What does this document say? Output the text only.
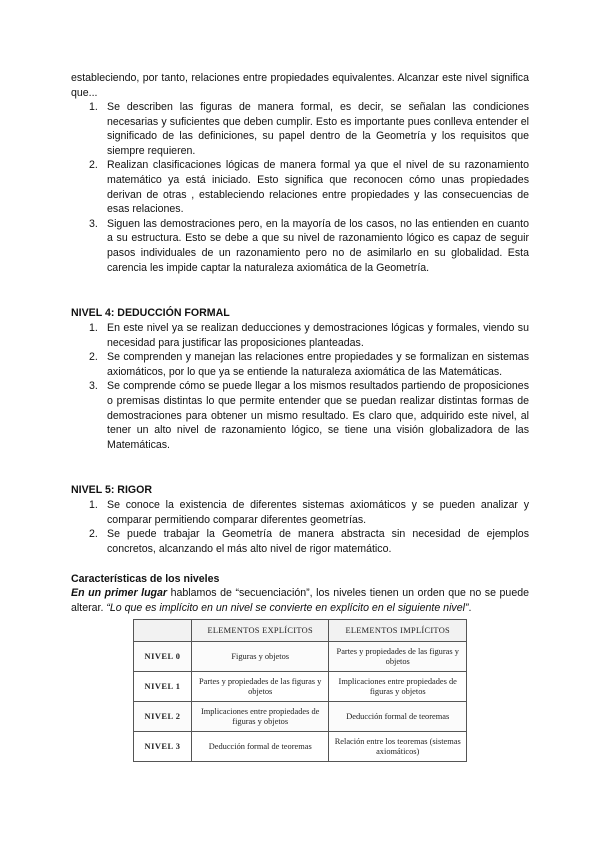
estableciendo, por tanto, relaciones entre propiedades equivalentes. Alcanzar este nivel significa que...

1. Se describen las figuras de manera formal, es decir, se señalan las condiciones necesarias y suficientes que deben cumplir. Esto es importante pues conlleva entender el significado de las definiciones, su papel dentro de la Geometría y los requisitos que siempre requieren.
2. Realizan clasificaciones lógicas de manera formal ya que el nivel de su razonamiento matemático ya está iniciado. Esto significa que reconocen cómo unas propiedades derivan de otras , estableciendo relaciones entre propiedades y las consecuencias de esas relaciones.
3. Siguen las demostraciones pero, en la mayoría de los casos, no las entienden en cuanto a su estructura. Esto se debe a que su nivel de razonamiento lógico es capaz de seguir pasos individuales de un razonamiento pero no de asimilarlo en su globalidad. Esta carencia les impide captar la naturaleza axiomática de la Geometría.
NIVEL 4: DEDUCCIÓN FORMAL
1. En este nivel ya se realizan deducciones y demostraciones lógicas y formales, viendo su necesidad para justificar las proposiciones planteadas.
2. Se comprenden y manejan las relaciones entre propiedades y se formalizan en sistemas axiomáticos, por lo que ya se entiende la naturaleza axiomática de las Matemáticas.
3. Se comprende cómo se puede llegar a los mismos resultados partiendo de proposiciones o premisas distintas lo que permite entender que se puedan realizar distintas formas de demostraciones para obtener un mismo resultado. Es claro que, adquirido este nivel, al tener un alto nivel de razonamiento lógico, se tiene una visión globalizadora de las Matemáticas.
NIVEL 5: RIGOR
1. Se conoce la existencia de diferentes sistemas axiomáticos y se pueden analizar y comparar permitiendo comparar diferentes geometrías.
2. Se puede trabajar la Geometría de manera abstracta sin necesidad de ejemplos concretos, alcanzando el más alto nivel de rigor matemático.
Características de los niveles

En un primer lugar hablamos de “secuenciación”, los niveles tienen un orden que no se puede alterar. “Lo que es implícito en un nivel se convierte en explícito en el siguiente nivel”.

	ELEMENTOS EXPLÍCITOS	ELEMENTOS IMPLÍCITOS
NIVEL 0	Figuras y objetos	Partes y propiedades de las figuras y objetos
NIVEL 1	Partes y propiedades de las figuras y objetos	Implicaciones entre propiedades de figuras y objetos
NIVEL 2	Implicaciones entre propiedades de figuras y objetos	Deducción formal de teoremas
NIVEL 3	Deducción formal de teoremas	Relación entre los teoremas (sistemas axiomáticos)
